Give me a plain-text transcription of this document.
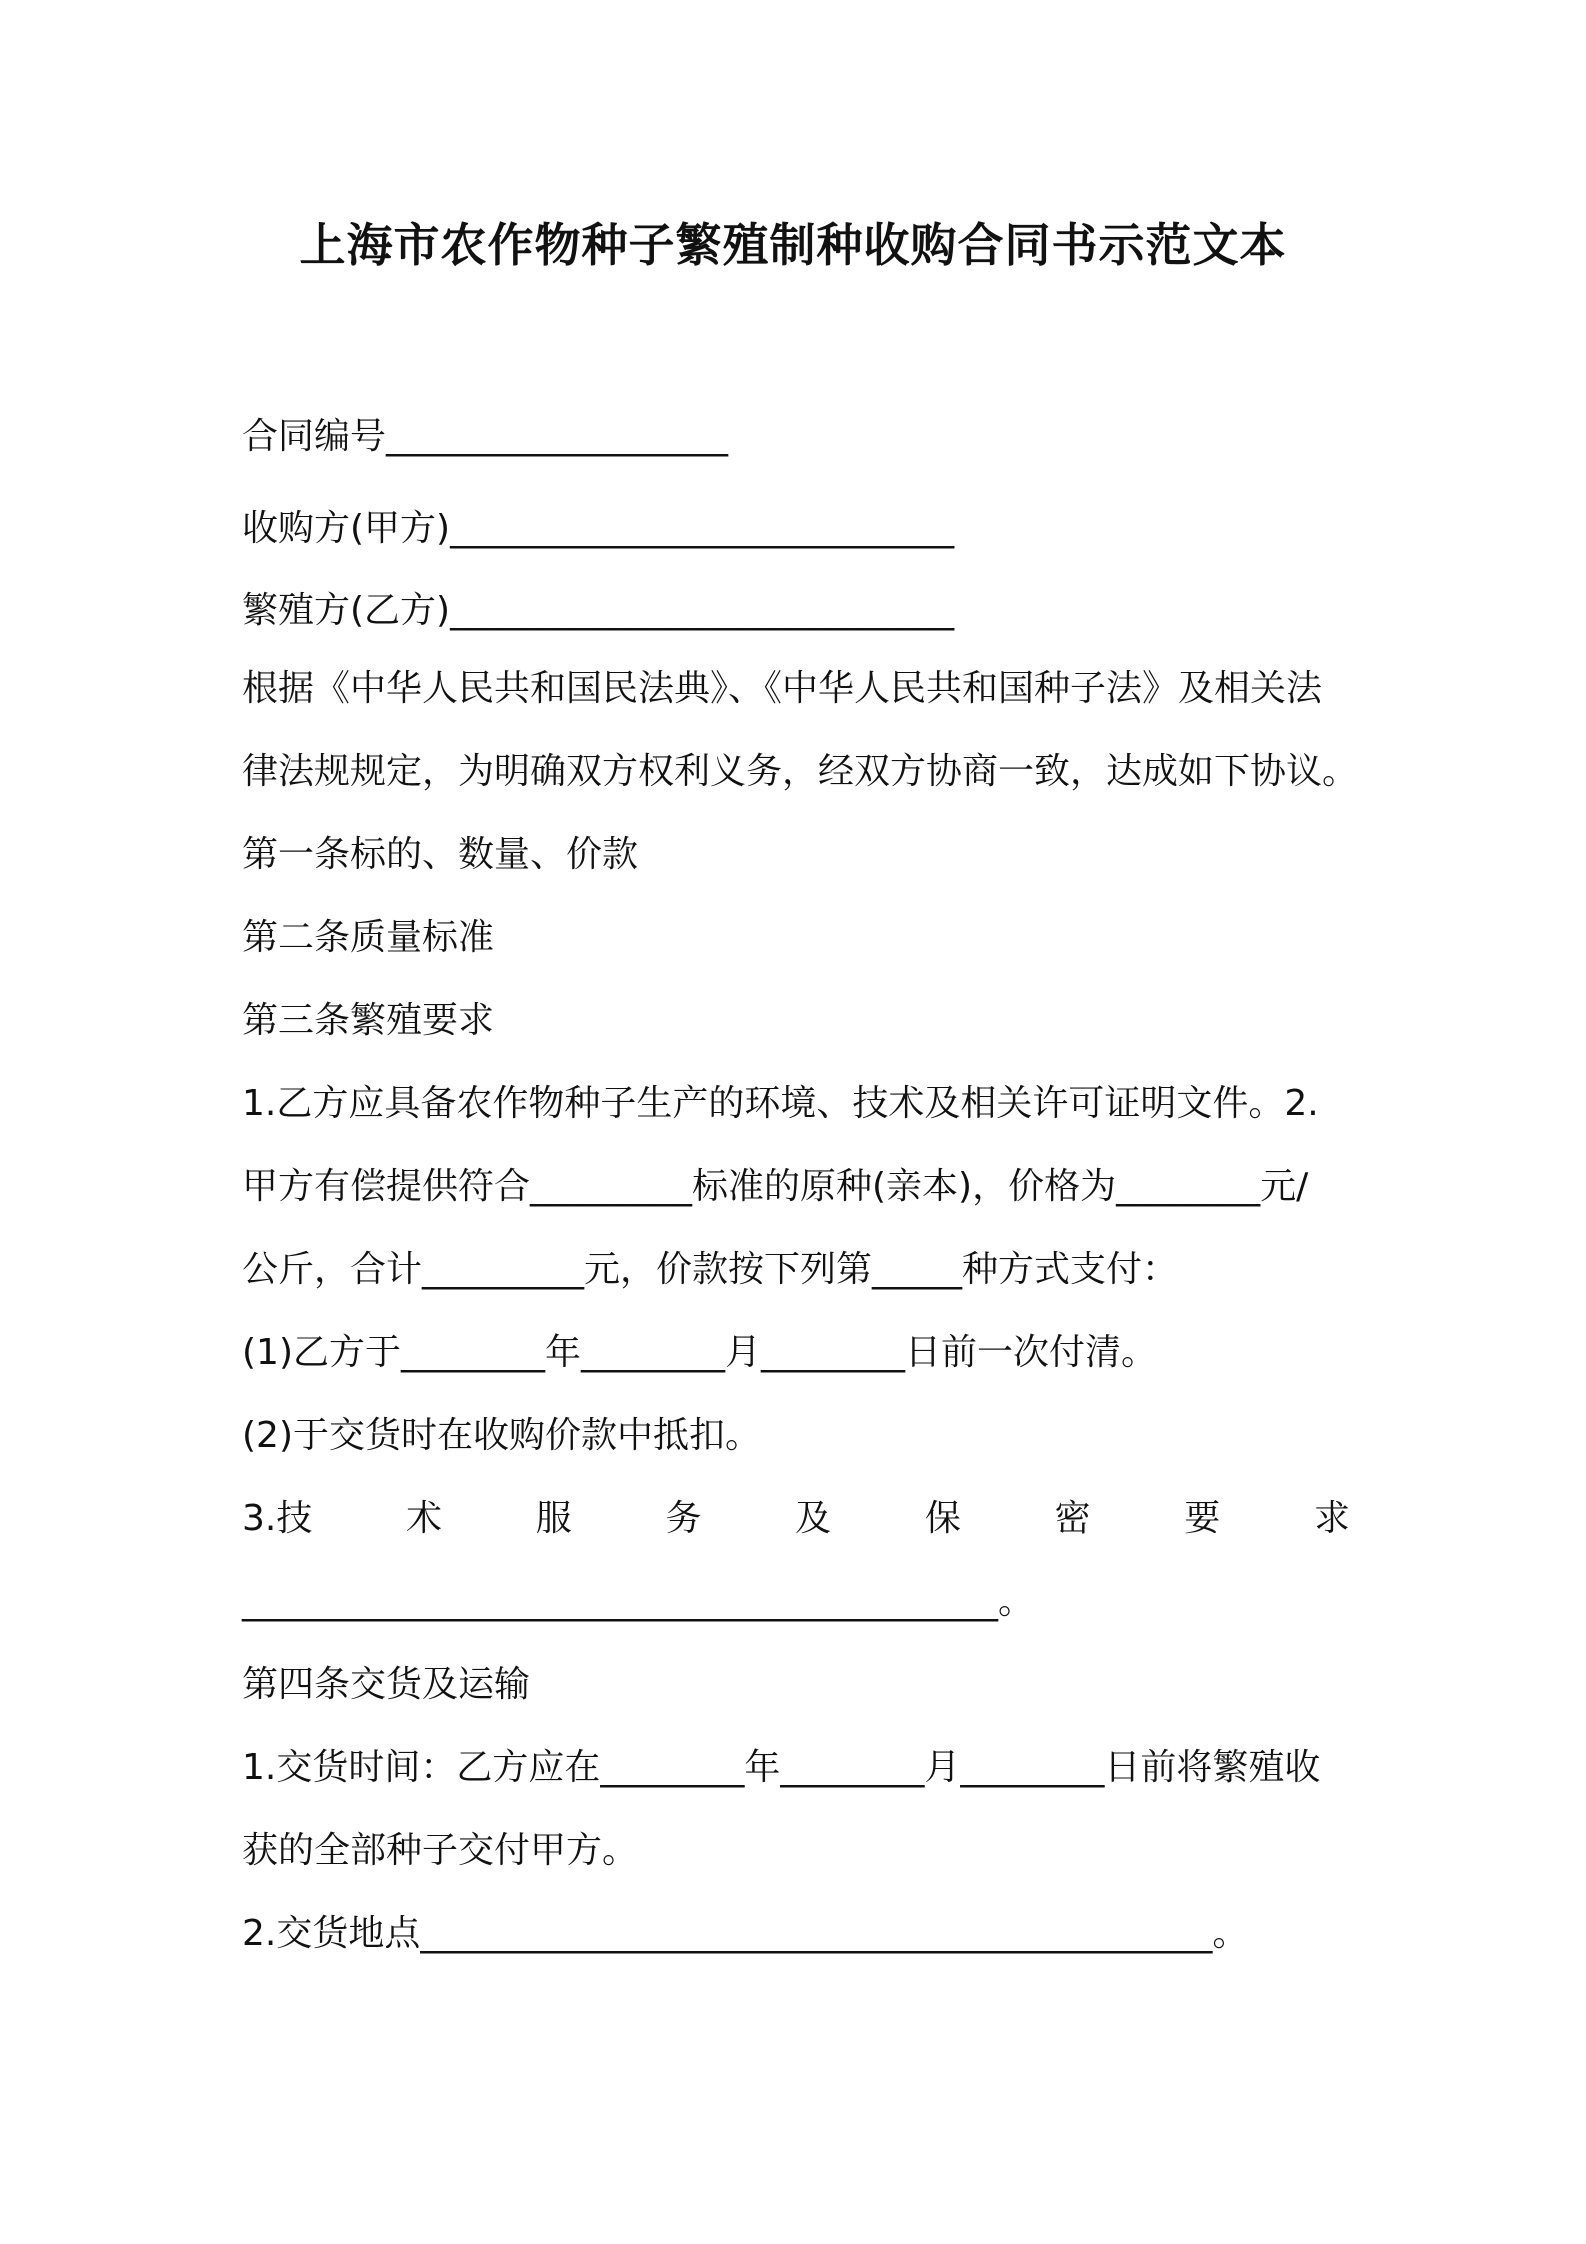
上海市农作物种子繁殖制种收购合同书示范文本
合同编号___________________
收购方(甲方)____________________________
繁殖方(乙方)____________________________
根据《中华人民共和国民法典》、《中华人民共和国种子法》及相关法
律法规规定，为明确双方权利义务，经双方协商一致，达成如下协议。
第一条标的、数量、价款
第二条质量标准
第三条繁殖要求
1.乙方应具备农作物种子生产的环境、技术及相关许可证明文件。2.
甲方有偿提供符合_________标准的原种(亲本)，价格为________元/
公斤，合计_________元，价款按下列第_____种方式支付：
(1)乙方于________年________月________日前一次付清。
(2)于交货时在收购价款中抵扣。
3.技	术	服	务	及	保	密	要	求
__________________________________________。
第四条交货及运输
1.交货时间：乙方应在________年________月________日前将繁殖收
获的全部种子交付甲方。
2.交货地点____________________________________________。
